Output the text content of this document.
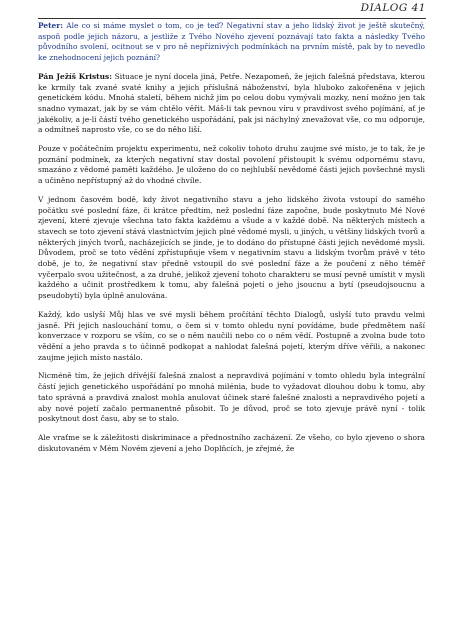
DIALOG 41

Peter: Ale co si máme myslet o tom, co je teď? Negativní stav a jeho lidský život je ještě skutečný, aspoň podle jejich názoru, a jestliže z Tvého Nového zjevení poznávají tato fakta a následky Tvého původního svolení, ocitnout se v pro ně nepříznivých podmínkách na prvním místě, pak by to nevedlo ke znehodnocení jejich poznání?

Pán Ježíš Kristus: Situace je nyní docela jiná, Petře. Nezapomeň, že jejich falešná představa, kterou ke krmily tak zvané svaté knihy a jejich příslušná náboženství, byla hluboko zakořeněna v jejich genetickém kódu. Mnohá staletí, během nichž jim po celou dobu vymývali mozky, není možno jen tak snadno vymazat, jak by se vám chtělo věřit. Máš-li tak pevnou víru v pravdivost svého pojímání, ať je jakékoliv, a je-li částí tvého genetického uspořádání, pak jsi náchylný znevažovat vše, co mu odporuje, a odmítneš naprosto vše, co se do něho liší.

Pouze v počátečním projektu experimentu, než cokoliv tohoto druhu zaujme své místo, je to tak, že je poznání podmínek, za kterých negativní stav dostal povolení přistoupit k svému odpornému stavu, smazáno z vědomé paměti každého. Je uloženo do co nejhlubší nevědomé části jejich povšechné mysli a učiněno nepřístupný až do vhodné chvíle.

V jednom časovém bodě, kdy život negativního stavu a jeho lidského života vstoupí do samého počátku své poslední fáze, či krátce předtím, než poslední fáze započne, bude poskytnuto Mé Nové zjevení, které zjevuje všechna tato fakta každému a všude a v každé době. Na některých místech a stavech se toto zjevení stává vlastnictvím jejich plné vědomé mysli, u jiných, u většiny lidských tvorů a některých jiných tvorů, nacházejících se jinde, je to dodáno do přístupné části jejich nevědomé mysli. Důvodem, proč se toto vědění zpřístupňuje všem v negativním stavu a lidským tvorům právě v této době, je to, že negativní stav předně vstoupil do své poslední fáze a že poučení z něho téměř vyčerpalo svou užitečnost, a za druhé, jelikož zjevení tohoto charakteru se musí pevně umístit v mysli každého a učinit prostředkem k tomu, aby falešná pojetí o jeho jsoucnu a bytí (pseudojsoucnu a pseudobytí) byla úplně anulována.

Každý, kdo uslyší Můj hlas ve své mysli během pročítání těchto Dialogů, uslyší tuto pravdu velmi jasně. Při jejich naslouchání tomu, o čem si v tomto ohledu nyní povídáme, bude předmětem naší konverzace v rozporu se vším, co se o něm naučili nebo co o něm vědí. Postupně a zvolna bude toto vědění a jeho pravda s to účinně podkopat a nahlodat falešná pojetí, kterým dříve věřili, a nakonec zaujme jejich místo nastálo.

Nicméně tím, že jejich dřívější falešná znalost a nepravdivá pojímání v tomto ohledu byla integrální částí jejich genetického uspořádání po mnohá milénia, bude to vyžadovat dlouhou dobu k tomu, aby tato správná a pravdivá znalost mohla anulovat účinek staré falešné znalosti a nepravdivého pojetí a aby nové pojetí začalo permanentně působit. To je důvod, proč se toto zjevuje právě nyní - tolik poskytnout dost času, aby se to stalo.

Ale vraťme se k záležitosti diskriminace a přednostního zacházení. Ze všeho, co bylo zjeveno o shora diskutovaném v Mém Novém zjevení a jeho Doplňcích, je zřejmé, že
